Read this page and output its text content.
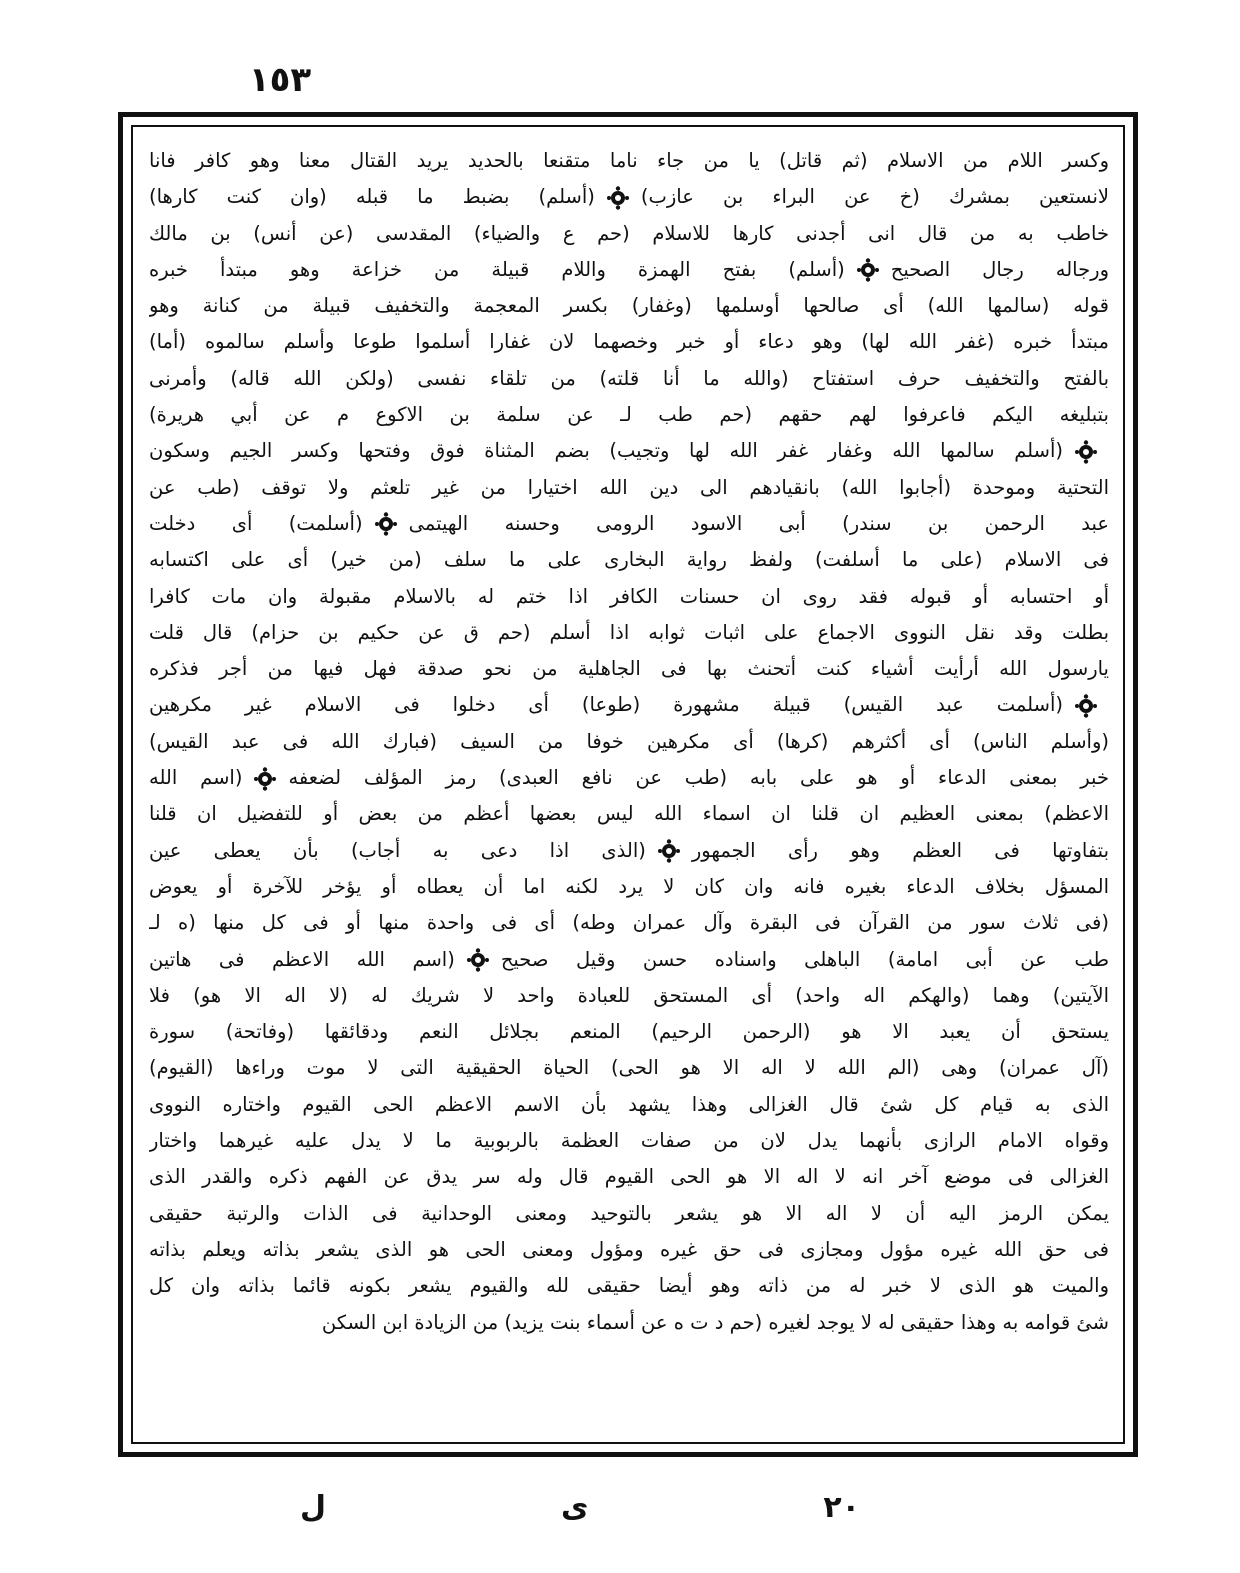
١٥٣
وكسر اللام من الاسلام (ثم قاتل) يا من جاء ناما متقنعا بالحديد يريد القتال معنا وهو كافر فانا
لانستعين بمشرك (خ عن البراء بن عازب)(أسلم) بضبط ما قبله (وان كنت كارها)
خاطب به من قال انى أجدنى كارها للاسلام (حم ع والضياء) المقدسى (عن أنس) بن مالك
ورجاله رجال الصحيح(أسلم) بفتح الهمزة واللام قبيلة من خزاعة وهو مبتدأ خبره
قوله (سالمها الله) أى صالحها أوسلمها (وغفار) بكسر المعجمة والتخفيف قبيلة من كنانة وهو
مبتدأ خبره (غفر الله لها) وهو دعاء أو خبر وخصهما لان غفارا أسلموا طوعا وأسلم سالموه (أما)
بالفتح والتخفيف حرف استفتاح (والله ما أنا قلته) من تلقاء نفسى (ولكن الله قاله) وأمرنى
بتبليغه اليكم فاعرفوا لهم حقهم (حم طب لـ عن سلمة بن الاكوع م عن أبي هريرة)
(أسلم سالمها الله وغفار غفر الله لها وتجيب) بضم المثناة فوق وفتحها وكسر الجيم وسكون
التحتية وموحدة (أجابوا الله) بانقيادهم الى دين الله اختيارا من غير تلعثم ولا توقف (طب عن
عبد الرحمن بن سندر) أبى الاسود الرومى وحسنه الهيتمى(أسلمت) أى دخلت
فى الاسلام (على ما أسلفت) ولفظ رواية البخارى على ما سلف (من خير) أى على اكتسابه
أو احتسابه أو قبوله فقد روى ان حسنات الكافر اذا ختم له بالاسلام مقبولة وان مات كافرا
بطلت وقد نقل النووى الاجماع على اثبات ثوابه اذا أسلم (حم ق عن حكيم بن حزام) قال قلت
يارسول الله أرأيت أشياء كنت أتحنث بها فى الجاهلية من نحو صدقة فهل فيها من أجر فذكره
(أسلمت عبد القيس) قبيلة مشهورة (طوعا) أى دخلوا فى الاسلام غير مكرهين
(وأسلم الناس) أى أكثرهم (كرها) أى مكرهين خوفا من السيف (فبارك الله فى عبد القيس)
خبر بمعنى الدعاء أو هو على بابه (طب عن نافع العبدى) رمز المؤلف لضعفه(اسم الله
الاعظم) بمعنى العظيم ان قلنا ان اسماء الله ليس بعضها أعظم من بعض أو للتفضيل ان قلنا
بتفاوتها فى العظم وهو رأى الجمهور(الذى اذا دعى به أجاب) بأن يعطى عين
المسؤل بخلاف الدعاء بغيره فانه وان كان لا يرد لكنه اما أن يعطاه أو يؤخر للآخرة أو يعوض
(فى ثلاث سور من القرآن فى البقرة وآل عمران وطه) أى فى واحدة منها أو فى كل منها (ه لـ
طب عن أبى امامة) الباهلى واسناده حسن وقيل صحيح(اسم الله الاعظم فى هاتين
الآيتين) وهما (والهكم اله واحد) أى المستحق للعبادة واحد لا شريك له (لا اله الا هو) فلا
يستحق أن يعبد الا هو (الرحمن الرحيم) المنعم بجلائل النعم ودقائقها (وفاتحة) سورة
(آل عمران) وهى (الم الله لا اله الا هو الحى) الحياة الحقيقية التى لا موت وراءها (القيوم)
الذى به قيام كل شئ قال الغزالى وهذا يشهد بأن الاسم الاعظم الحى القيوم واختاره النووى
وقواه الامام الرازى بأنهما يدل لان من صفات العظمة بالربوبية ما لا يدل عليه غيرهما واختار
الغزالى فى موضع آخر انه لا اله الا هو الحى القيوم قال وله سر يدق عن الفهم ذكره والقدر الذى
يمكن الرمز اليه أن لا اله الا هو يشعر بالتوحيد ومعنى الوحدانية فى الذات والرتبة حقيقى
فى حق الله غيره مؤول ومجازى فى حق غيره ومؤول ومعنى الحى هو الذى يشعر بذاته ويعلم بذاته
والميت هو الذى لا خبر له من ذاته وهو أيضا حقيقى لله والقيوم يشعر بكونه قائما بذاته وان كل
شئ قوامه به وهذا حقيقى له لا يوجد لغيره (حم د ت ه عن أسماء بنت يزيد) من الزيادة ابن السكن
٢٠
ى
ل
